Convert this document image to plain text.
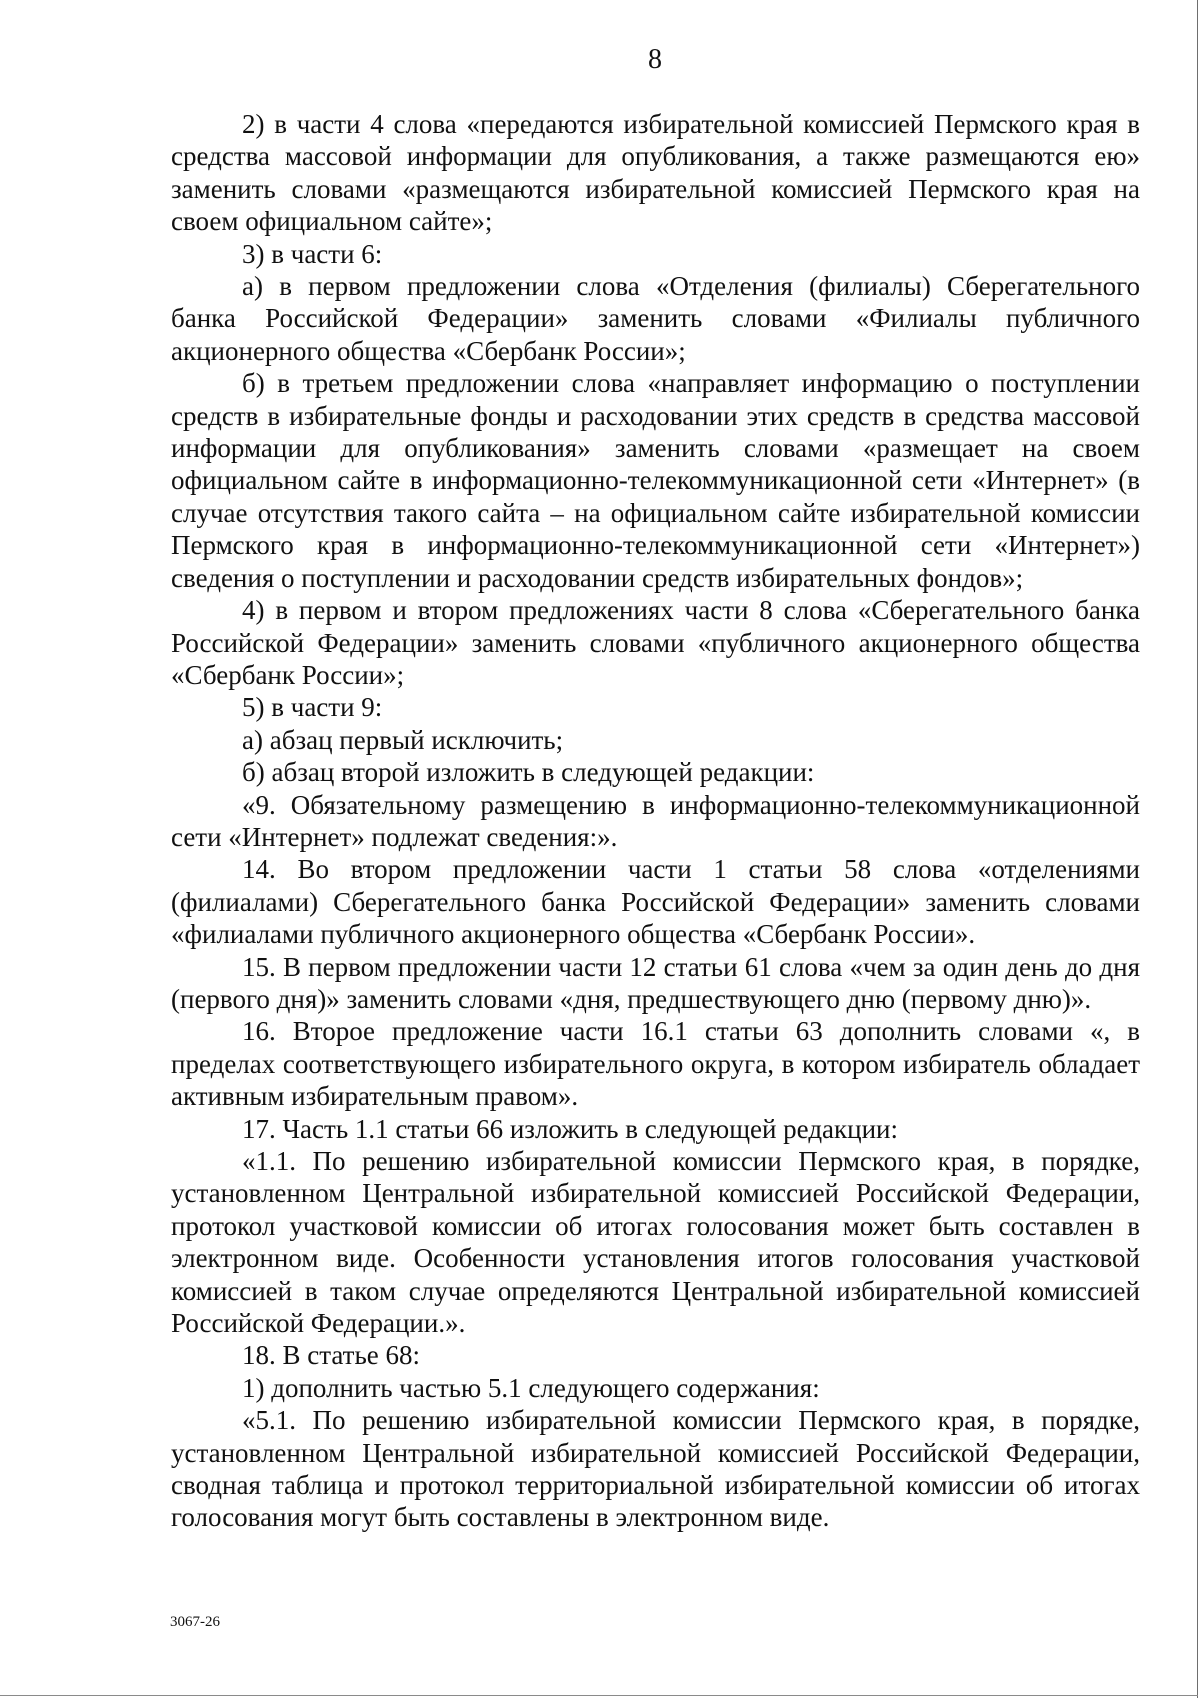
8

2) в части 4 слова «передаются избирательной комиссией Пермского края в средства массовой информации для опубликования, а также размещаются ею» заменить словами «размещаются избирательной комиссией Пермского края на своем официальном сайте»;

3) в части 6:

а) в первом предложении слова «Отделения (филиалы) Сберегательного банка Российской Федерации» заменить словами «Филиалы публичного акционерного общества «Сбербанк России»;

б) в третьем предложении слова «направляет информацию о поступлении средств в избирательные фонды и расходовании этих средств в средства массовой информации для опубликования» заменить словами «размещает на своем официальном сайте в информационно-телекоммуникационной сети «Интернет» (в случае отсутствия такого сайта – на официальном сайте избирательной комиссии Пермского края в информационно-телекоммуникационной сети «Интернет») сведения о поступлении и расходовании средств избирательных фондов»;

4) в первом и втором предложениях части 8 слова «Сберегательного банка Российской Федерации» заменить словами «публичного акционерного общества «Сбербанк России»;

5) в части 9:

а) абзац первый исключить;

б) абзац второй изложить в следующей редакции:

«9. Обязательному размещению в информационно-телекоммуникационной сети «Интернет» подлежат сведения:».

14. Во втором предложении части 1 статьи 58 слова «отделениями (филиалами) Сберегательного банка Российской Федерации» заменить словами «филиалами публичного акционерного общества «Сбербанк России».

15. В первом предложении части 12 статьи 61 слова «чем за один день до дня (первого дня)» заменить словами «дня, предшествующего дню (первому дню)».

16. Второе предложение части 16.1 статьи 63 дополнить словами «, в пределах соответствующего избирательного округа, в котором избиратель обладает активным избирательным правом».

17. Часть 1.1 статьи 66 изложить в следующей редакции:

«1.1. По решению избирательной комиссии Пермского края, в порядке, установленном Центральной избирательной комиссией Российской Федерации, протокол участковой комиссии об итогах голосования может быть составлен в электронном виде. Особенности установления итогов голосования участковой комиссией в таком случае определяются Центральной избирательной комиссией Российской Федерации.».

18. В статье 68:

1) дополнить частью 5.1 следующего содержания:

«5.1. По решению избирательной комиссии Пермского края, в порядке, установленном Центральной избирательной комиссией Российской Федерации, сводная таблица и протокол территориальной избирательной комиссии об итогах голосования могут быть составлены в электронном виде.

3067-26
